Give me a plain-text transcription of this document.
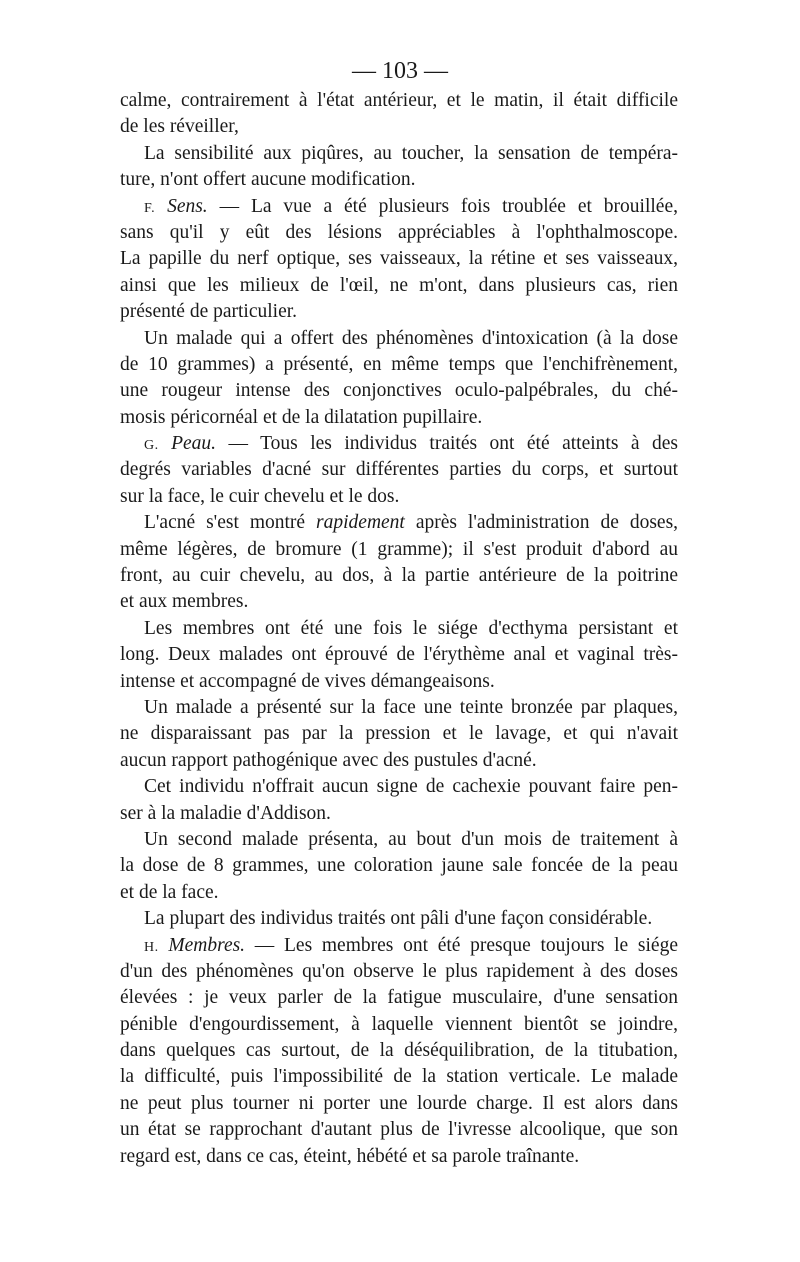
— 103 —
calme, contrairement à l'état antérieur, et le matin, il était difficile
de les réveiller,
La sensibilité aux piqûres, au toucher, la sensation de tempéra-
ture, n'ont offert aucune modification.
F. Sens. — La vue a été plusieurs fois troublée et brouillée,
sans qu'il y eût des lésions appréciables à l'ophthalmoscope.
La papille du nerf optique, ses vaisseaux, la rétine et ses vaisseaux,
ainsi que les milieux de l'œil, ne m'ont, dans plusieurs cas, rien
présenté de particulier.
Un malade qui a offert des phénomènes d'intoxication (à la dose
de 10 grammes) a présenté, en même temps que l'enchifrènement,
une rougeur intense des conjonctives oculo-palpébrales, du ché-
mosis péricornéal et de la dilatation pupillaire.
G. Peau. — Tous les individus traités ont été atteints à des
degrés variables d'acné sur différentes parties du corps, et surtout
sur la face, le cuir chevelu et le dos.
L'acné s'est montré rapidement après l'administration de doses,
même légères, de bromure (1 gramme); il s'est produit d'abord au
front, au cuir chevelu, au dos, à la partie antérieure de la poitrine
et aux membres.
Les membres ont été une fois le siége d'ecthyma persistant et
long. Deux malades ont éprouvé de l'érythème anal et vaginal très-
intense et accompagné de vives démangeaisons.
Un malade a présenté sur la face une teinte bronzée par plaques,
ne disparaissant pas par la pression et le lavage, et qui n'avait
aucun rapport pathogénique avec des pustules d'acné.
Cet individu n'offrait aucun signe de cachexie pouvant faire pen-
ser à la maladie d'Addison.
Un second malade présenta, au bout d'un mois de traitement à
la dose de 8 grammes, une coloration jaune sale foncée de la peau
et de la face.
La plupart des individus traités ont pâli d'une façon considérable.
H. Membres. — Les membres ont été presque toujours le siége
d'un des phénomènes qu'on observe le plus rapidement à des doses
élevées : je veux parler de la fatigue musculaire, d'une sensation
pénible d'engourdissement, à laquelle viennent bientôt se joindre,
dans quelques cas surtout, de la déséquilibration, de la titubation,
la difficulté, puis l'impossibilité de la station verticale. Le malade
ne peut plus tourner ni porter une lourde charge. Il est alors dans
un état se rapprochant d'autant plus de l'ivresse alcoolique, que son
regard est, dans ce cas, éteint, hébété et sa parole traînante.
